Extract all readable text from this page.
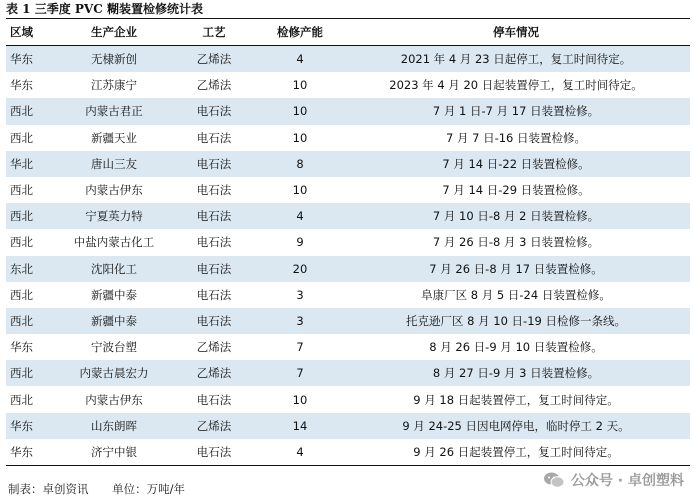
表 1 三季度 PVC 糊装置检修统计表
区域	生产企业	工艺	检修产能	停车情况
华东	无棣新创	乙烯法	4	2021 年 4 月 23 日起停工，复工时间待定。
华东	江苏康宁	乙烯法	10	2023 年 4 月 20 日起装置停工，复工时间待定。
西北	内蒙古君正	电石法	10	7 月 1 日-7 月 17 日装置检修。
西北	新疆天业	电石法	10	7 月 7 日-16 日装置检修。
华北	唐山三友	电石法	8	7 月 14 日-22 日装置检修。
西北	内蒙古伊东	电石法	10	7 月 14 日-29 日装置检修。
西北	宁夏英力特	电石法	4	7 月 10 日-8 月 2 日装置检修。
西北	中盐内蒙古化工	电石法	9	7 月 26 日-8 月 3 日装置检修。
东北	沈阳化工	电石法	20	7 月 26 日-8 月 17 日装置检修。
西北	新疆中泰	电石法	3	阜康厂区 8 月 5 日-24 日装置检修。
西北	新疆中泰	电石法	3	托克逊厂区 8 月 10 日-19 日检修一条线。
华东	宁波台塑	乙烯法	7	8 月 26 日-9 月 10 日装置检修。
西北	内蒙古晨宏力	乙烯法	7	8 月 27 日-9 月 3 日装置检修。
西北	内蒙古伊东	电石法	10	9 月 18 日起装置停工，复工时间待定。
华东	山东朗晖	乙烯法	14	9 月 24-25 日因电网停电，临时停工 2 天。
华东	济宁中银	电石法	4	9 月 26 日起装置停工，复工时间待定。
制表：卓创资讯 单位：万吨/年	公众号 · 卓创塑料
